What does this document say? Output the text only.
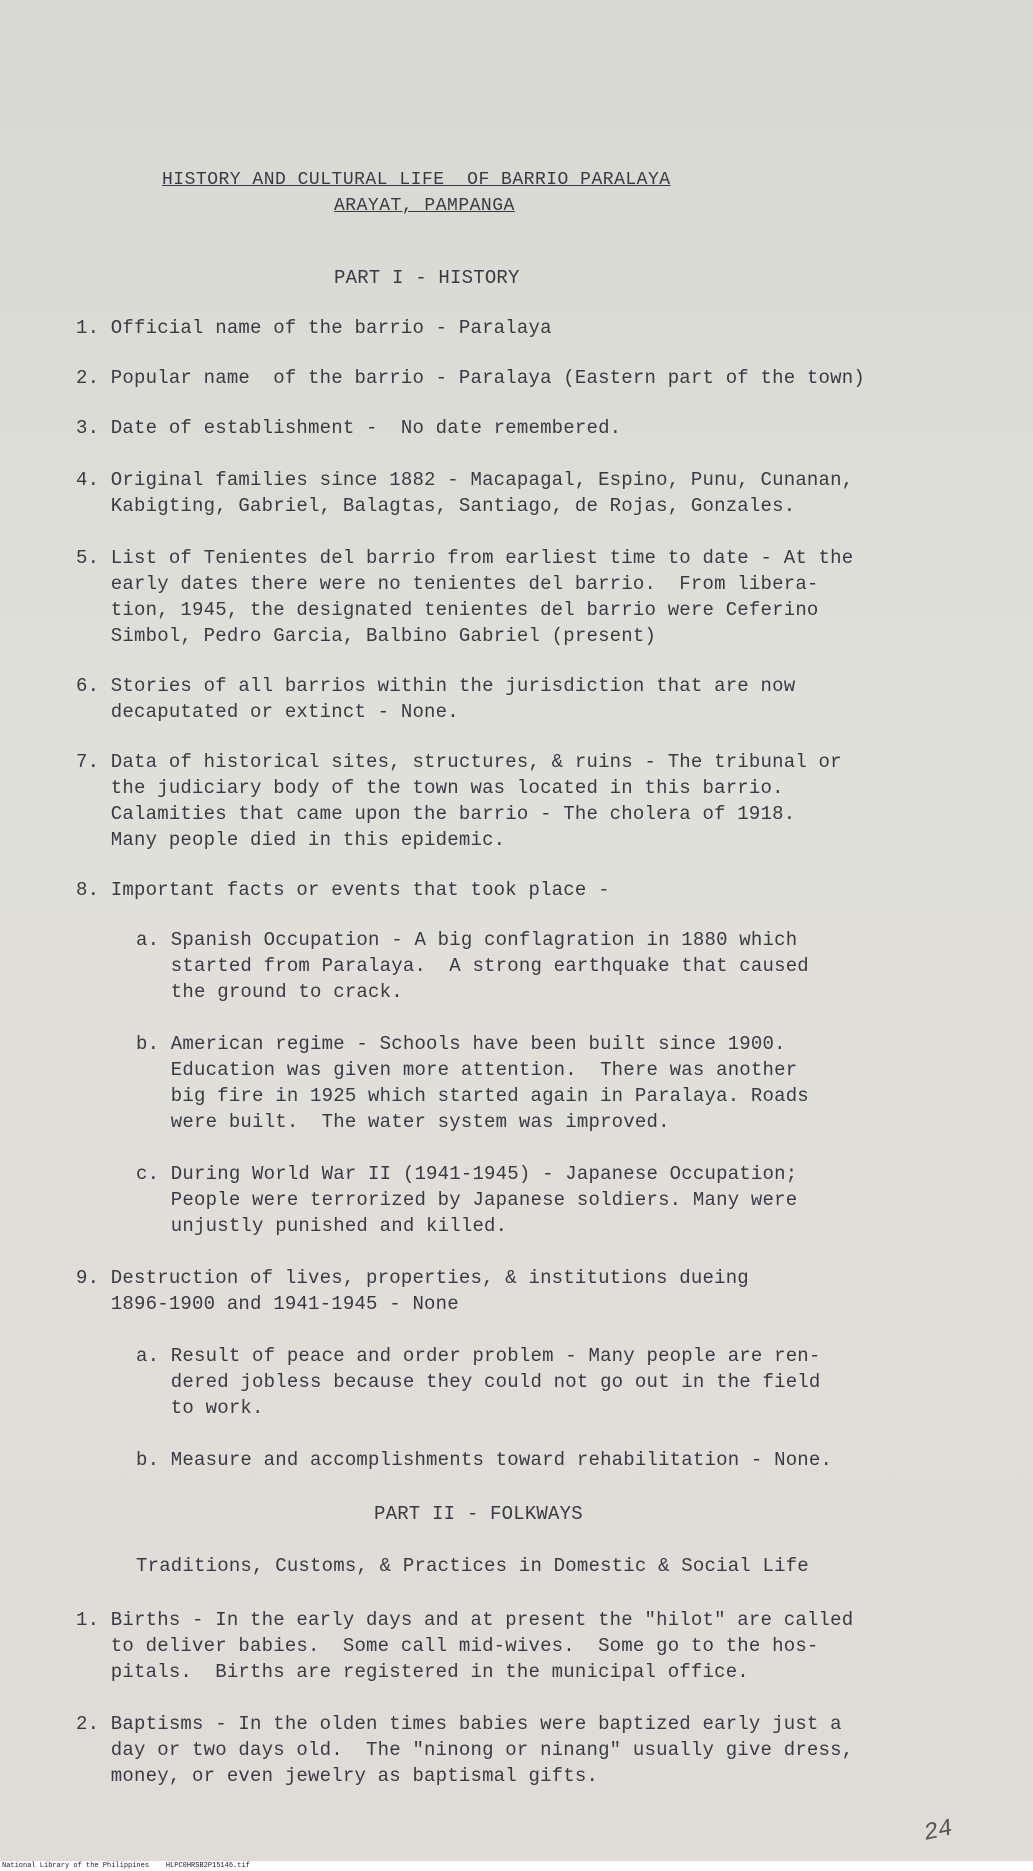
HISTORY AND CULTURAL LIFE  OF BARRIO PARALAYA
ARAYAT, PAMPANGA
PART I - HISTORY
1. Official name of the barrio - Paralaya
2. Popular name  of the barrio - Paralaya (Eastern part of the town)
3. Date of establishment -  No date remembered.
4. Original families since 1882 - Macapagal, Espino, Punu, Cunanan,
Kabigting, Gabriel, Balagtas, Santiago, de Rojas, Gonzales.
5. List of Tenientes del barrio from earliest time to date - At the
early dates there were no tenientes del barrio.  From libera-
tion, 1945, the designated tenientes del barrio were Ceferino
Simbol, Pedro Garcia, Balbino Gabriel (present)
6. Stories of all barrios within the jurisdiction that are now
decaputated or extinct - None.
7. Data of historical sites, structures, & ruins - The tribunal or
the judiciary body of the town was located in this barrio.
Calamities that came upon the barrio - The cholera of 1918.
Many people died in this epidemic.
8. Important facts or events that took place -
a. Spanish Occupation - A big conflagration in 1880 which
started from Paralaya.  A strong earthquake that caused
the ground to crack.
b. American regime - Schools have been built since 1900.
Education was given more attention.  There was another
big fire in 1925 which started again in Paralaya. Roads
were built.  The water system was improved.
c. During World War II (1941-1945) - Japanese Occupation;
People were terrorized by Japanese soldiers. Many were
unjustly punished and killed.
9. Destruction of lives, properties, & institutions dueing
1896-1900 and 1941-1945 - None
a. Result of peace and order problem - Many people are ren-
dered jobless because they could not go out in the field
to work.
b. Measure and accomplishments toward rehabilitation - None.
PART II - FOLKWAYS
Traditions, Customs, & Practices in Domestic & Social Life
1. Births - In the early days and at present the "hilot" are called
to deliver babies.  Some call mid-wives.  Some go to the hos-
pitals.  Births are registered in the municipal office.
2. Baptisms - In the olden times babies were baptized early just a
day or two days old.  The "ninong or ninang" usually give dress,
money, or even jewelry as baptismal gifts.
24
National Library of the Philippines    HLPC0HRSB2P15146.tif
